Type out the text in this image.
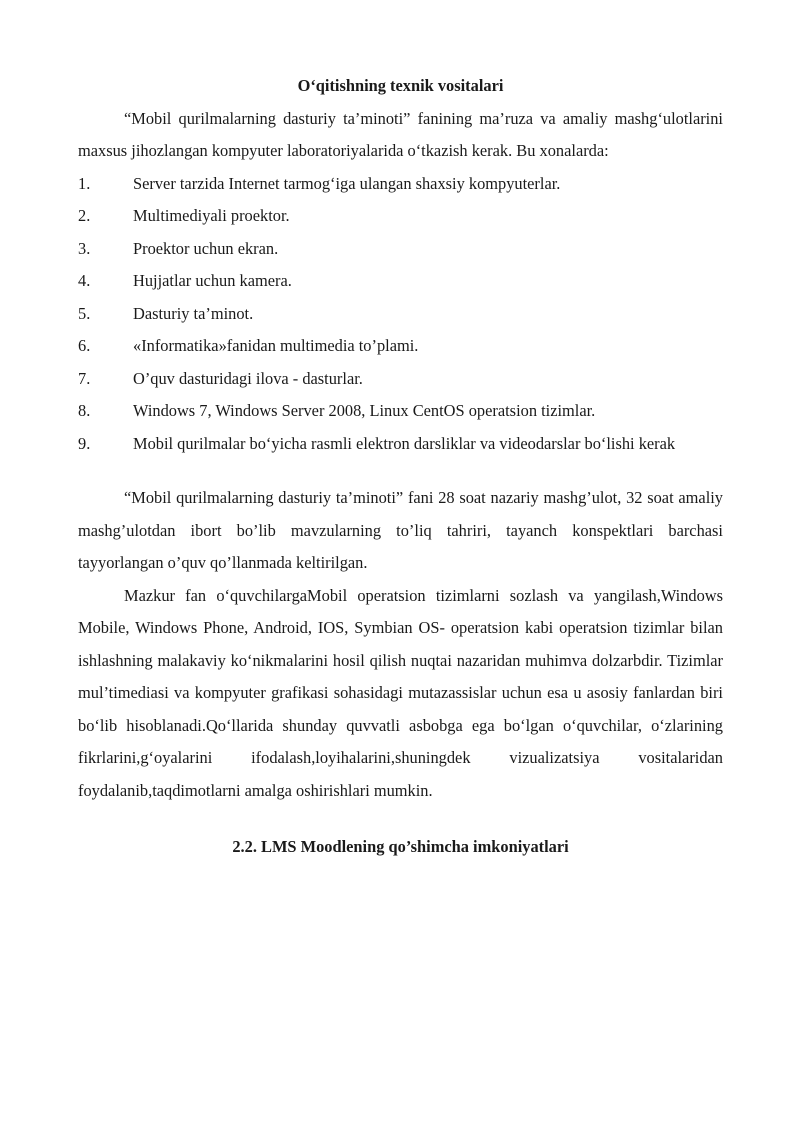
O‘qitishning texnik vositalari

“Mobil qurilmalarning dasturiy ta’minoti” fanining ma’ruza va amaliy mashg‘ulotlarini maxsus jihozlangan kompyuter laboratoriyalarida o‘tkazish kerak. Bu xonalarda:

1.	Server tarzida Internet tarmog‘iga ulangan shaxsiy kompyuterlar.
2.	Multimediyali proektor.
3.	Proektor uchun ekran.
4.	Hujjatlar uchun kamera.
5.	Dasturiy ta’minot.
6.	«Informatika»fanidan multimedia to’plami.
7.	O’quv dasturidagi ilova - dasturlar.
8.	Windows 7, Windows Server 2008, Linux CentOS operatsion tizimlar.
9.	Mobil qurilmalar bo‘yicha rasmli elektron darsliklar va videodarslar bo‘lishi kerak

“Mobil qurilmalarning dasturiy ta’minoti” fani 28 soat nazariy mashg’ulot, 32 soat amaliy mashg’ulotdan ibort bo’lib mavzularning to’liq tahriri, tayanch konspektlari barchasi tayyorlangan o’quv qo’llanmada keltirilgan.

Mazkur fan o‘quvchilargaMobil operatsion tizimlarni sozlash va yangilash,Windows Mobile, Windows Phone, Android, IOS, Symbian OS- operatsion kabi operatsion tizimlar bilan ishlashning malakaviy ko‘nikmalarini hosil qilish nuqtai nazaridan muhimva dolzarbdir. Tizimlar mul’timediasi va kompyuter grafikasi sohasidagi mutazassislar uchun esa u asosiy fanlardan biri bo‘lib hisoblanadi.Qo‘llarida shunday quvvatli asbobga ega bo‘lgan o‘quvchilar, o‘zlarining fikrlarini,g‘oyalarini ifodalash,loyihalarini,shuningdek vizualizatsiya vositalaridan foydalanib,taqdimotlarni amalga oshirishlari mumkin.

2.2. LMS Moodlening qo’shimcha imkoniyatlari
